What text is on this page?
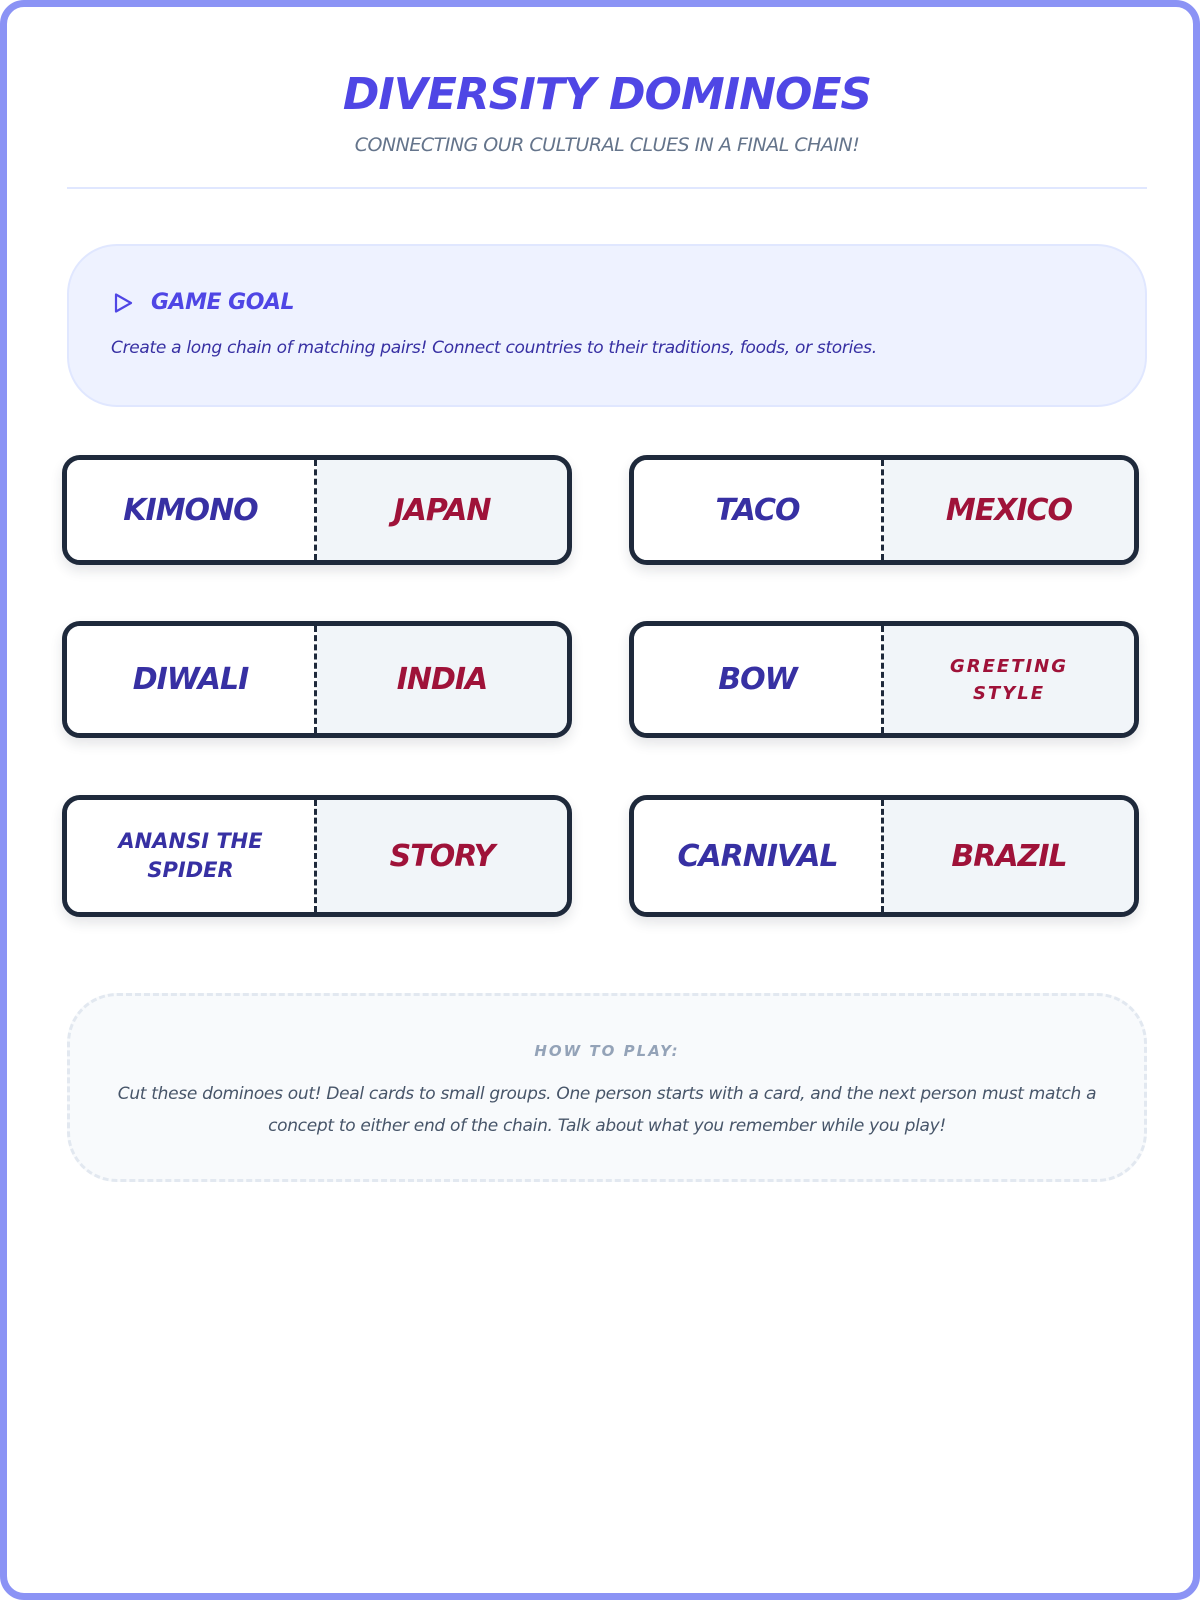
DIVERSITY DOMINOES
CONNECTING OUR CULTURAL CLUES IN A FINAL CHAIN!
GAME GOAL
Create a long chain of matching pairs! Connect countries to their traditions, foods, or stories.
KIMONO	JAPAN	TACO	MEXICO
DIWALI	INDIA	BOW	GREETING STYLE
ANANSI THE SPIDER	STORY	CARNIVAL	BRAZIL
HOW TO PLAY:
Cut these dominoes out! Deal cards to small groups. One person starts with a card, and the next person must match a concept to either end of the chain. Talk about what you remember while you play!
